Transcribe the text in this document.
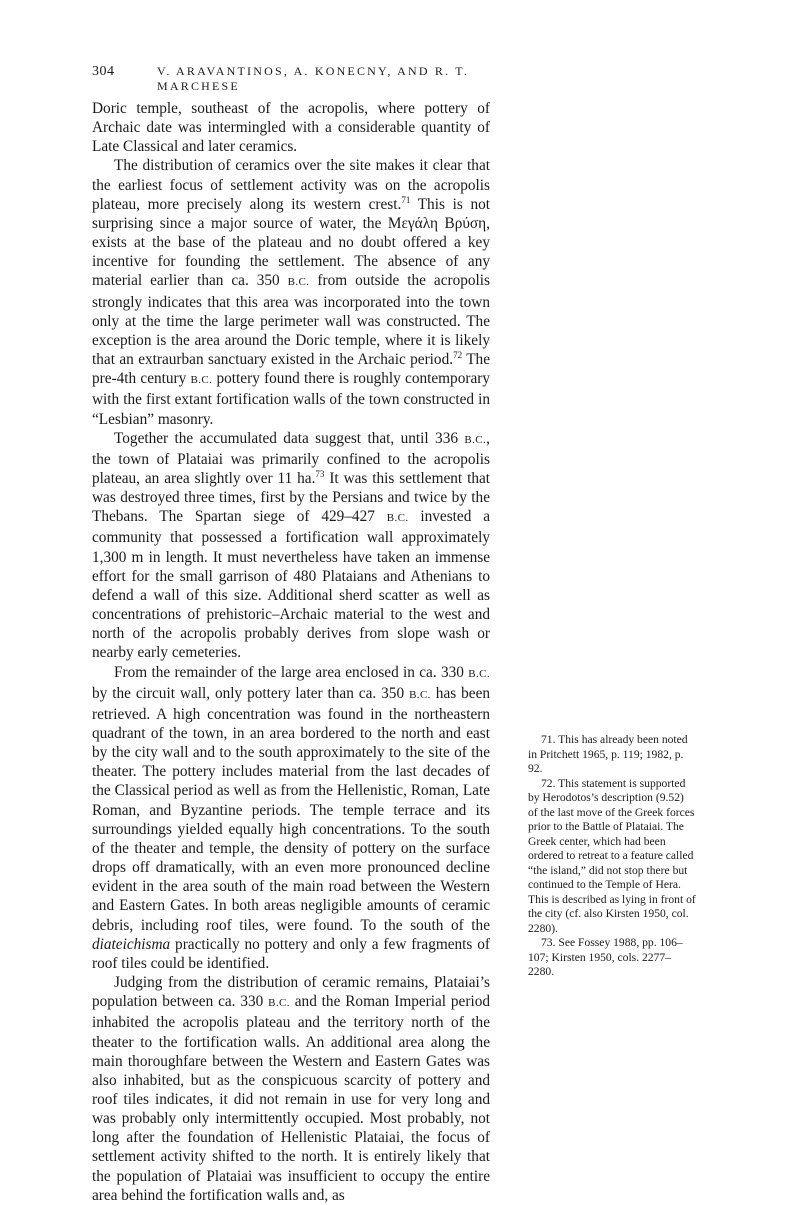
304	V. ARAVANTINOS, A. KONECNY, AND R. T. MARCHESE

Doric temple, southeast of the acropolis, where pottery of Archaic date was intermingled with a considerable quantity of Late Classical and later ceramics.

The distribution of ceramics over the site makes it clear that the earliest focus of settlement activity was on the acropolis plateau, more precisely along its western crest.$^{71}$ This is not surprising since a major source of water, the Μεγάλη Βρύση, exists at the base of the plateau and no doubt offered a key incentive for founding the settlement. The absence of any material earlier than ca. 350 B.C. from outside the acropolis strongly indicates that this area was incorporated into the town only at the time the large perimeter wall was constructed. The exception is the area around the Doric temple, where it is likely that an extraurban sanctuary existed in the Archaic period.$^{72}$ The pre-4th century B.C. pottery found there is roughly contemporary with the first extant fortification walls of the town constructed in “Lesbian” masonry.

Together the accumulated data suggest that, until 336 B.C., the town of Plataiai was primarily confined to the acropolis plateau, an area slightly over 11 ha.$^{73}$ It was this settlement that was destroyed three times, first by the Persians and twice by the Thebans. The Spartan siege of 429–427 B.C. invested a community that possessed a fortification wall approximately 1,300 m in length. It must nevertheless have taken an immense effort for the small garrison of 480 Plataians and Athenians to defend a wall of this size. Additional sherd scatter as well as concentrations of prehistoric–Archaic material to the west and north of the acropolis probably derives from slope wash or nearby early cemeteries.

From the remainder of the large area enclosed in ca. 330 B.C. by the circuit wall, only pottery later than ca. 350 B.C. has been retrieved. A high concentration was found in the northeastern quadrant of the town, in an area bordered to the north and east by the city wall and to the south approximately to the site of the theater. The pottery includes material from the last decades of the Classical period as well as from the Hellenistic, Roman, Late Roman, and Byzantine periods. The temple terrace and its surroundings yielded equally high concentrations. To the south of the theater and temple, the density of pottery on the surface drops off dramatically, with an even more pronounced decline evident in the area south of the main road between the Western and Eastern Gates. In both areas negligible amounts of ceramic debris, including roof tiles, were found. To the south of the diateichisma practically no pottery and only a few fragments of roof tiles could be identified.

Judging from the distribution of ceramic remains, Plataiai’s population between ca. 330 B.C. and the Roman Imperial period inhabited the acropolis plateau and the territory north of the theater to the fortification walls. An additional area along the main thoroughfare between the Western and Eastern Gates was also inhabited, but as the conspicuous scarcity of pottery and roof tiles indicates, it did not remain in use for very long and was probably only intermittently occupied. Most probably, not long after the foundation of Hellenistic Plataiai, the focus of settlement activity shifted to the north. It is entirely likely that the population of Plataiai was insufficient to occupy the entire area behind the fortification walls and, as

71. This has already been noted in Pritchett 1965, p. 119; 1982, p. 92.

72. This statement is supported by Herodotos’s description (9.52) of the last move of the Greek forces prior to the Battle of Plataiai. The Greek center, which had been ordered to retreat to a feature called “the island,” did not stop there but continued to the Temple of Hera. This is described as lying in front of the city (cf. also Kirsten 1950, col. 2280).

73. See Fossey 1988, pp. 106–107; Kirsten 1950, cols. 2277–2280.
